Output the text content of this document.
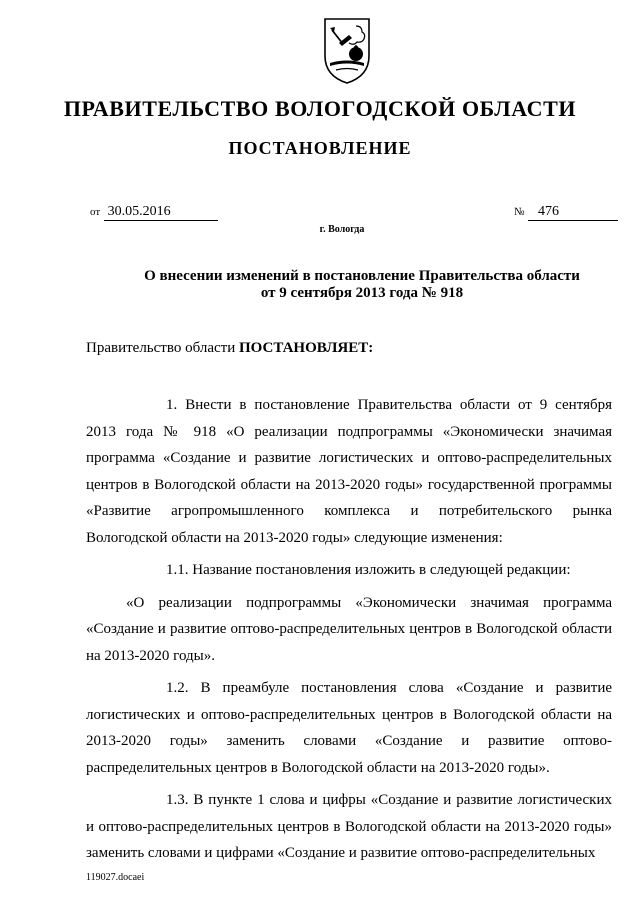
ПРАВИТЕЛЬСТВО ВОЛОГОДСКОЙ ОБЛАСТИ
ПОСТАНОВЛЕНИЕ
от 30.05.2016	№ 476
г. Вологда
О внесении изменений в постановление Правительства области
от 9 сентября 2013 года № 918
Правительство области ПОСТАНОВЛЯЕТ:

1. Внести в постановление Правительства области от 9 сентября 2013 года № 918 «О реализации подпрограммы «Экономически значимая программа «Создание и развитие логистических и оптово-распределительных центров в Вологодской области на 2013-2020 годы» государственной программы «Развитие агропромышленного комплекса и потребительского рынка Вологодской области на 2013-2020 годы» следующие изменения:

1.1. Название постановления изложить в следующей редакции:

«О реализации подпрограммы «Экономически значимая программа «Создание и развитие оптово-распределительных центров в Вологодской области на 2013-2020 годы».

1.2. В преамбуле постановления слова «Создание и развитие логистических и оптово-распределительных центров в Вологодской области на 2013-2020 годы» заменить словами «Создание и развитие оптово-распределительных центров в Вологодской области на 2013-2020 годы».

1.3. В пункте 1 слова и цифры «Создание и развитие логистических и оптово-распределительных центров в Вологодской области на 2013-2020 годы» заменить словами и цифрами «Создание и развитие оптово-распределительных

119027.docaei
